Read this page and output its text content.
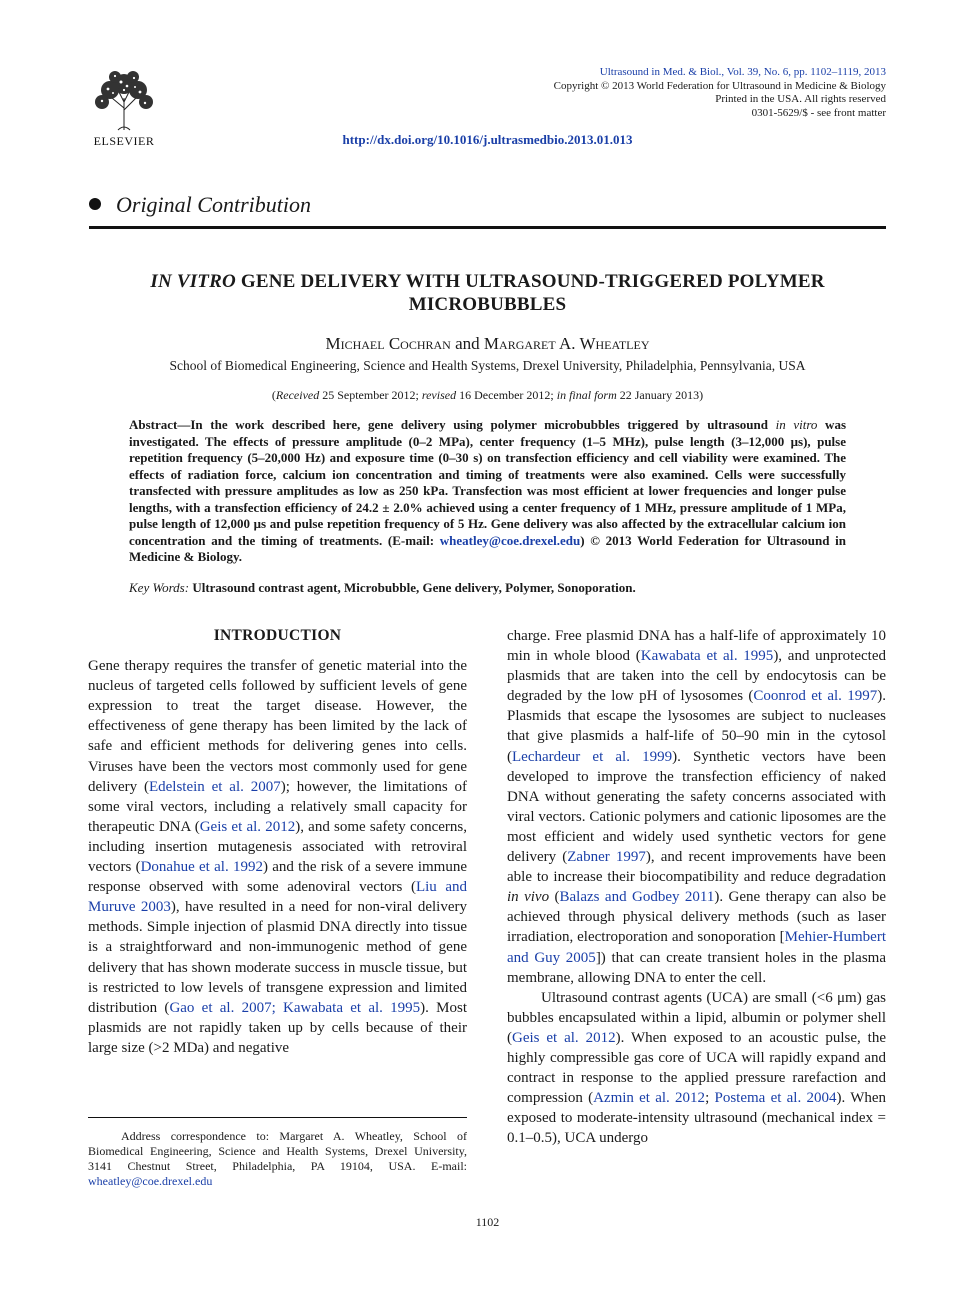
ELSEVIER
Ultrasound in Med. & Biol., Vol. 39, No. 6, pp. 1102–1119, 2013
Copyright © 2013 World Federation for Ultrasound in Medicine & Biology
Printed in the USA. All rights reserved
0301-5629/$ - see front matter
http://dx.doi.org/10.1016/j.ultrasmedbio.2013.01.013
Original Contribution
IN VITRO GENE DELIVERY WITH ULTRASOUND-TRIGGERED POLYMER MICROBUBBLES
Michael Cochran and Margaret A. Wheatley
School of Biomedical Engineering, Science and Health Systems, Drexel University, Philadelphia, Pennsylvania, USA
(Received 25 September 2012; revised 16 December 2012; in final form 22 January 2013)
Abstract—In the work described here, gene delivery using polymer microbubbles triggered by ultrasound in vitro was investigated. The effects of pressure amplitude (0–2 MPa), center frequency (1–5 MHz), pulse length (3–12,000 μs), pulse repetition frequency (5–20,000 Hz) and exposure time (0–30 s) on transfection efficiency and cell viability were examined. The effects of radiation force, calcium ion concentration and timing of treatments were also examined. Cells were successfully transfected with pressure amplitudes as low as 250 kPa. Transfection was most efficient at lower frequencies and longer pulse lengths, with a transfection efficiency of 24.2 ± 2.0% achieved using a center frequency of 1 MHz, pressure amplitude of 1 MPa, pulse length of 12,000 μs and pulse repetition frequency of 5 Hz. Gene delivery was also affected by the extracellular calcium ion concentration and the timing of treatments. (E-mail: wheatley@coe.drexel.edu) © 2013 World Federation for Ultrasound in Medicine & Biology.
Key Words: Ultrasound contrast agent, Microbubble, Gene delivery, Polymer, Sonoporation.
INTRODUCTION

Gene therapy requires the transfer of genetic material into the nucleus of targeted cells followed by sufficient levels of gene expression to treat the target disease. However, the effectiveness of gene therapy has been limited by the lack of safe and efficient methods for delivering genes into cells. Viruses have been the vectors most commonly used for gene delivery (Edelstein et al. 2007); however, the limitations of some viral vectors, including a relatively small capacity for therapeutic DNA (Geis et al. 2012), and some safety concerns, including insertion mutagenesis associated with retroviral vectors (Donahue et al. 1992) and the risk of a severe immune response observed with some adenoviral vectors (Liu and Muruve 2003), have resulted in a need for non-viral delivery methods. Simple injection of plasmid DNA directly into tissue is a straightforward and non-immunogenic method of gene delivery that has shown moderate success in muscle tissue, but is restricted to low levels of transgene expression and limited distribution (Gao et al. 2007; Kawabata et al. 1995). Most plasmids are not rapidly taken up by cells because of their large size (>2 MDa) and negative

charge. Free plasmid DNA has a half-life of approximately 10 min in whole blood (Kawabata et al. 1995), and unprotected plasmids that are taken into the cell by endocytosis can be degraded by the low pH of lysosomes (Coonrod et al. 1997). Plasmids that escape the lysosomes are subject to nucleases that give plasmids a half-life of 50–90 min in the cytosol (Lechardeur et al. 1999). Synthetic vectors have been developed to improve the transfection efficiency of naked DNA without generating the safety concerns associated with viral vectors. Cationic polymers and cationic liposomes are the most efficient and widely used synthetic vectors for gene delivery (Zabner 1997), and recent improvements have been able to increase their biocompatibility and reduce degradation in vivo (Balazs and Godbey 2011). Gene therapy can also be achieved through physical delivery methods (such as laser irradiation, electroporation and sonoporation [Mehier-Humbert and Guy 2005]) that can create transient holes in the plasma membrane, allowing DNA to enter the cell.

Ultrasound contrast agents (UCA) are small (<6 μm) gas bubbles encapsulated within a lipid, albumin or polymer shell (Geis et al. 2012). When exposed to an acoustic pulse, the highly compressible gas core of UCA will rapidly expand and contract in response to the applied pressure rarefaction and compression (Azmin et al. 2012; Postema et al. 2004). When exposed to moderate-intensity ultrasound (mechanical index = 0.1–0.5), UCA undergo

Address correspondence to: Margaret A. Wheatley, School of Biomedical Engineering, Science and Health Systems, Drexel University, 3141 Chestnut Street, Philadelphia, PA 19104, USA. E-mail: wheatley@coe.drexel.edu
1102
